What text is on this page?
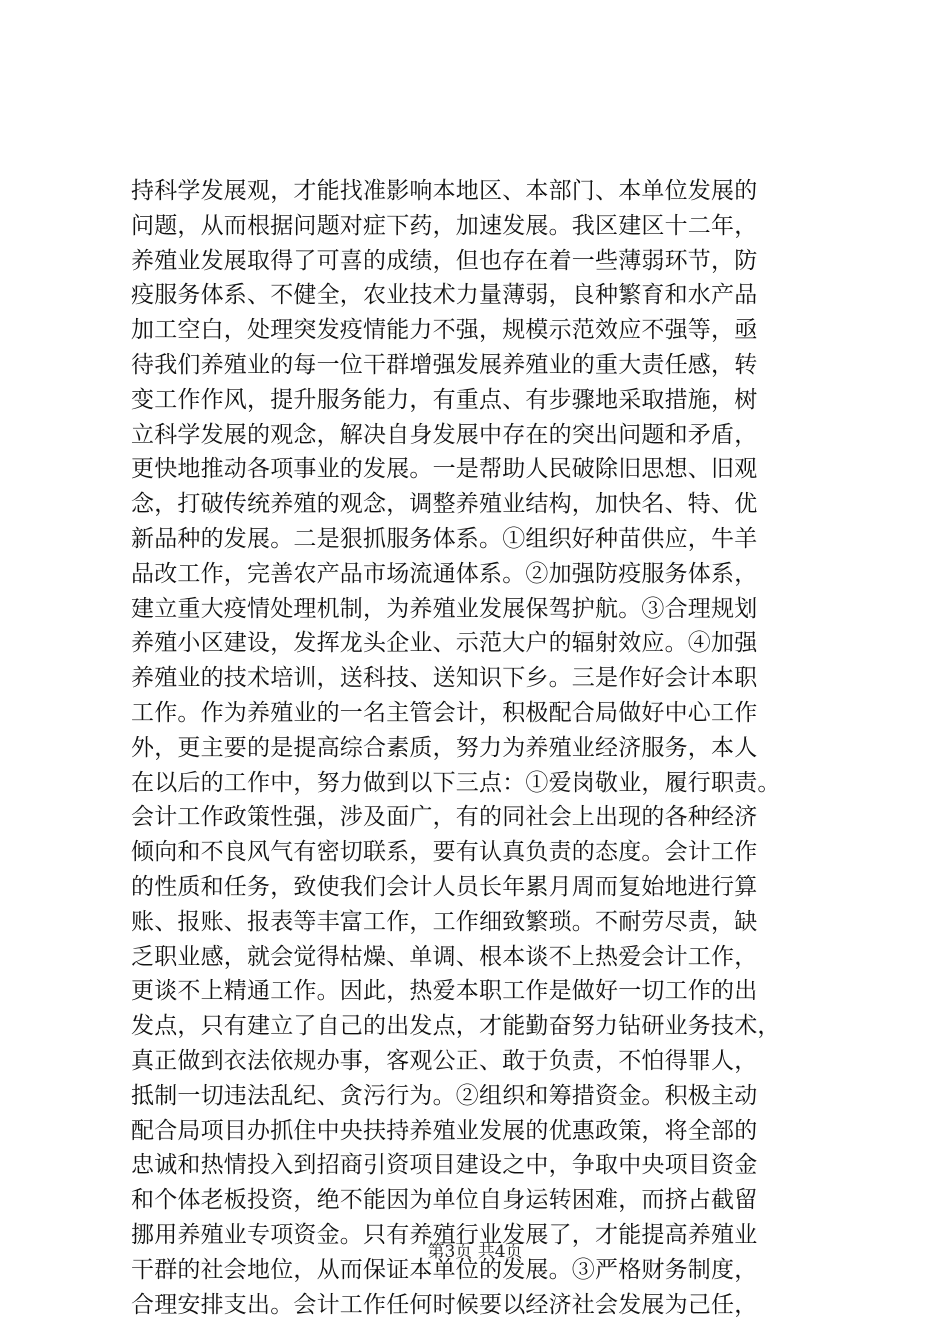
持科学发展观，才能找准影响本地区、本部门、本单位发展的
问题，从而根据问题对症下药，加速发展。我区建区十二年，
养殖业发展取得了可喜的成绩，但也存在着一些薄弱环节，防
疫服务体系、不健全，农业技术力量薄弱，良种繁育和水产品
加工空白，处理突发疫情能力不强，规模示范效应不强等，亟
待我们养殖业的每一位干群增强发展养殖业的重大责任感，转
变工作作风，提升服务能力，有重点、有步骤地采取措施，树
立科学发展的观念，解决自身发展中存在的突出问题和矛盾，
更快地推动各项事业的发展。一是帮助人民破除旧思想、旧观
念，打破传统养殖的观念，调整养殖业结构，加快名、特、优
新品种的发展。二是狠抓服务体系。①组织好种苗供应，牛羊
品改工作，完善农产品市场流通体系。②加强防疫服务体系，
建立重大疫情处理机制，为养殖业发展保驾护航。③合理规划
养殖小区建设，发挥龙头企业、示范大户的辐射效应。④加强
养殖业的技术培训，送科技、送知识下乡。三是作好会计本职
工作。作为养殖业的一名主管会计，积极配合局做好中心工作
外，更主要的是提高综合素质，努力为养殖业经济服务，本人
在以后的工作中，努力做到以下三点：①爱岗敬业，履行职责。
会计工作政策性强，涉及面广，有的同社会上出现的各种经济
倾向和不良风气有密切联系，要有认真负责的态度。会计工作
的性质和任务，致使我们会计人员长年累月周而复始地进行算
账、报账、报表等丰富工作，工作细致繁琐。不耐劳尽责，缺
乏职业感，就会觉得枯燥、单调、根本谈不上热爱会计工作，
更谈不上精通工作。因此，热爱本职工作是做好一切工作的出
发点，只有建立了自己的出发点，才能勤奋努力钻研业务技术，
真正做到衣法依规办事，客观公正、敢于负责，不怕得罪人，
抵制一切违法乱纪、贪污行为。②组织和筹措资金。积极主动
配合局项目办抓住中央扶持养殖业发展的优惠政策，将全部的
忠诚和热情投入到招商引资项目建设之中，争取中央项目资金
和个体老板投资，绝不能因为单位自身运转困难，而挤占截留
挪用养殖业专项资金。只有养殖行业发展了，才能提高养殖业
干群的社会地位，从而保证本单位的发展。③严格财务制度，
合理安排支出。会计工作任何时候要以经济社会发展为己任，
第3页 共4页
